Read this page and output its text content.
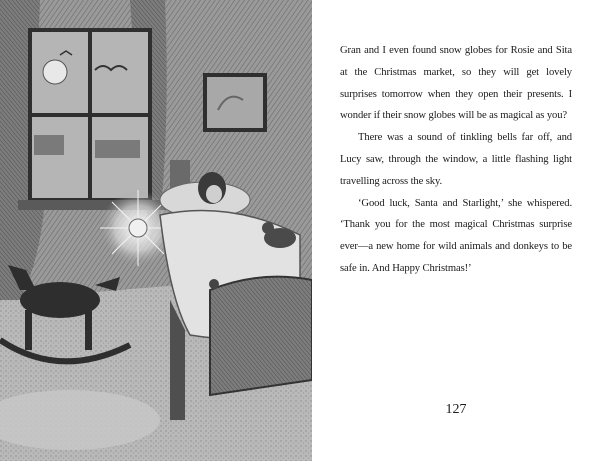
Gran and I even found snow globes for Rosie and Sita at the Christmas market, so they will get lovely surprises tomorrow when they open their presents. I wonder if their snow globes will be as magical as you?

There was a sound of tinkling bells far off, and Lucy saw, through the window, a little flashing light travelling across the sky.

‘Good luck, Santa and Starlight,’ she whispered. ‘Thank you for the most magical Christmas surprise ever—a new home for wild animals and donkeys to be safe in. And Happy Christmas!’

127
